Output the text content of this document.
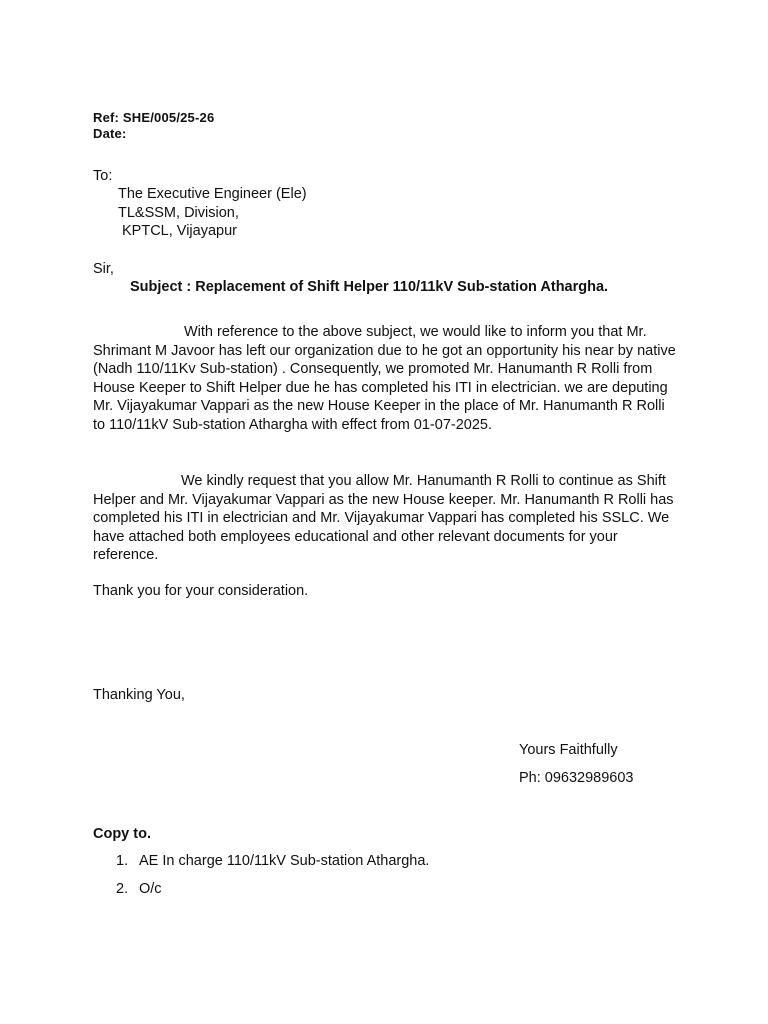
Ref: SHE/005/25-26
Date:
To:
The Executive Engineer (Ele)
TL&SSM, Division,
KPTCL, Vijayapur
Sir,
Subject : Replacement of Shift Helper 110/11kV Sub-station Athargha.
With reference to the above subject, we would like to inform you that Mr. Shrimant M Javoor has left our organization due to he got an opportunity his near by native (Nadh 110/11Kv Sub-station) . Consequently, we promoted Mr. Hanumanth R Rolli from House Keeper to Shift Helper due he has completed his ITI in electrician. we are deputing Mr. Vijayakumar Vappari as the new House Keeper in the place of Mr. Hanumanth R Rolli to 110/11kV Sub-station Athargha with effect from 01-07-2025.
We kindly request that you allow Mr. Hanumanth R Rolli to continue as Shift Helper and Mr. Vijayakumar Vappari as the new House keeper. Mr. Hanumanth R Rolli has completed his ITI in electrician and Mr. Vijayakumar Vappari has completed his SSLC. We have attached both employees educational and other relevant documents for your reference.
Thank you for your consideration.
Thanking You,
Yours Faithfully
Ph: 09632989603
Copy to.
1. AE In charge 110/11kV Sub-station Athargha.
2. O/c
